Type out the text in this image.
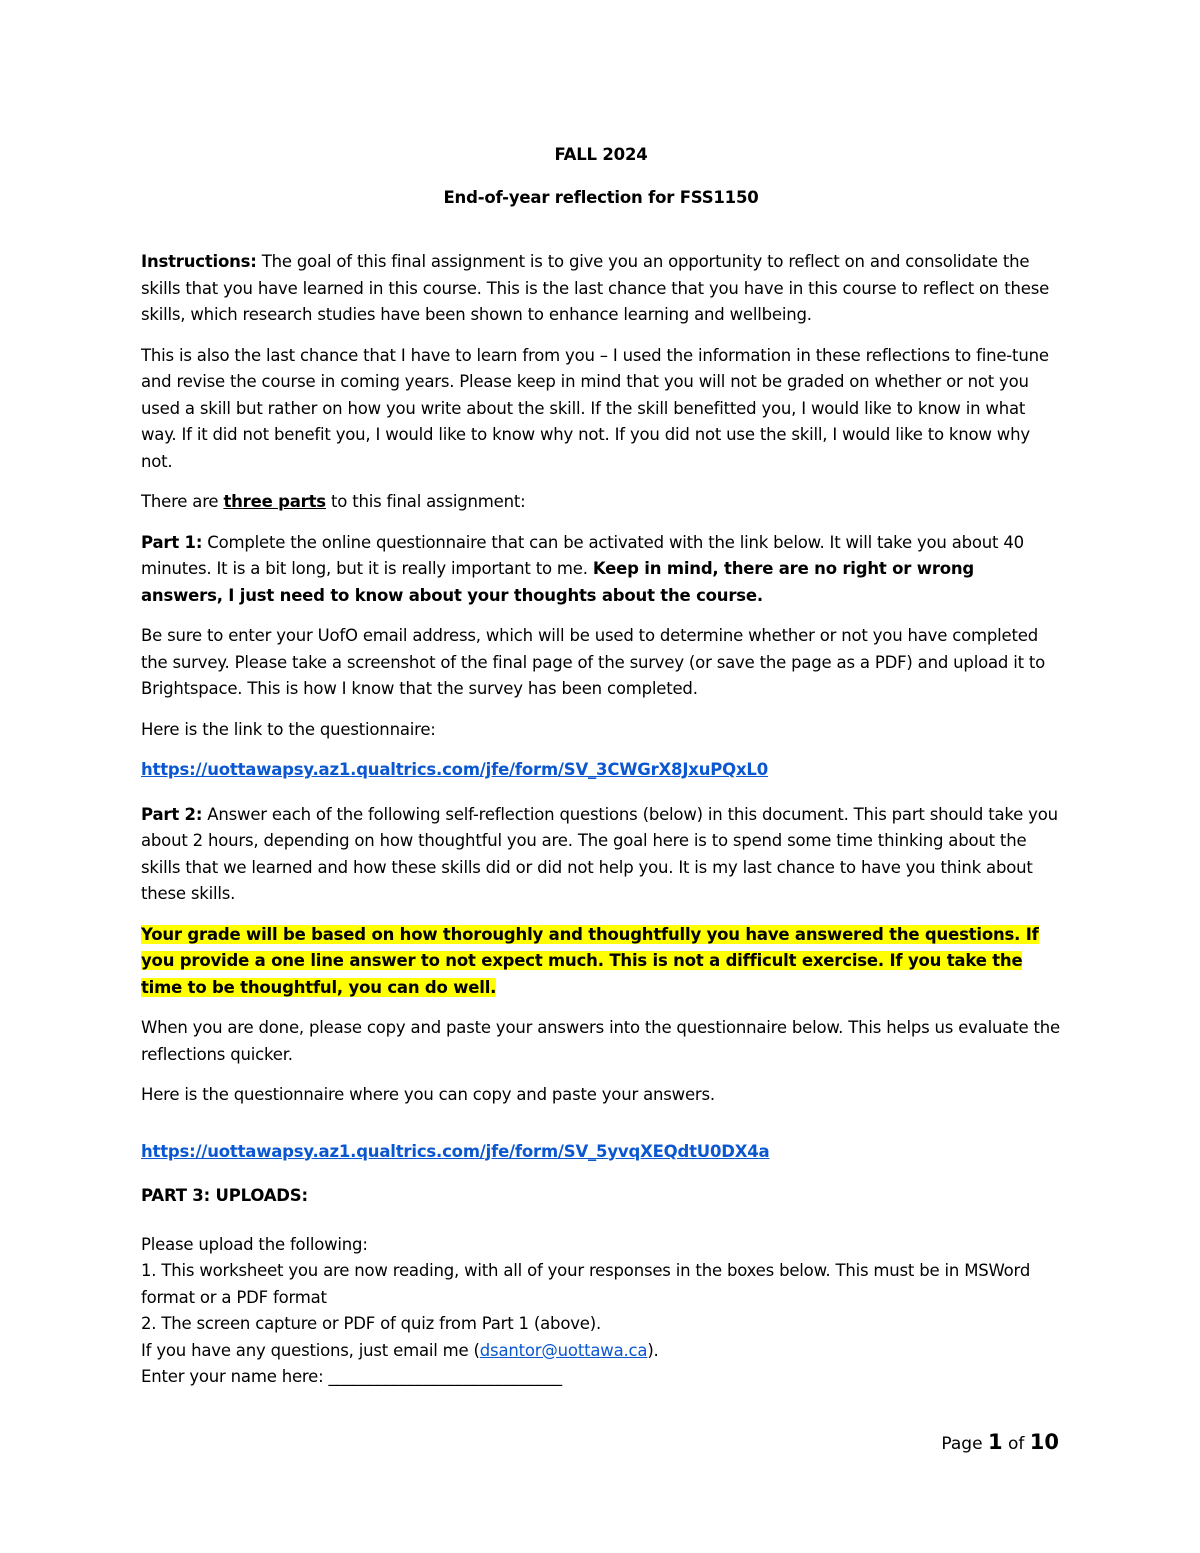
FALL 2024

End-of-year reflection for FSS1150

Instructions: The goal of this final assignment is to give you an opportunity to reflect on and consolidate the skills that you have learned in this course. This is the last chance that you have in this course to reflect on these skills, which research studies have been shown to enhance learning and wellbeing.

This is also the last chance that I have to learn from you – I used the information in these reflections to fine-tune and revise the course in coming years. Please keep in mind that you will not be graded on whether or not you used a skill but rather on how you write about the skill. If the skill benefitted you, I would like to know in what way. If it did not benefit you, I would like to know why not. If you did not use the skill, I would like to know why not.

There are three parts to this final assignment:

Part 1: Complete the online questionnaire that can be activated with the link below. It will take you about 40 minutes. It is a bit long, but it is really important to me. Keep in mind, there are no right or wrong answers, I just need to know about your thoughts about the course.

Be sure to enter your UofO email address, which will be used to determine whether or not you have completed the survey. Please take a screenshot of the final page of the survey (or save the page as a PDF) and upload it to Brightspace. This is how I know that the survey has been completed.

Here is the link to the questionnaire:

https://uottawapsy.az1.qualtrics.com/jfe/form/SV_3CWGrX8JxuPQxL0

Part 2: Answer each of the following self-reflection questions (below) in this document. This part should take you about 2 hours, depending on how thoughtful you are. The goal here is to spend some time thinking about the skills that we learned and how these skills did or did not help you. It is my last chance to have you think about these skills.

Your grade will be based on how thoroughly and thoughtfully you have answered the questions. If you provide a one line answer to not expect much. This is not a difficult exercise. If you take the time to be thoughtful, you can do well.

When you are done, please copy and paste your answers into the questionnaire below. This helps us evaluate the reflections quicker.

Here is the questionnaire where you can copy and paste your answers.

https://uottawapsy.az1.qualtrics.com/jfe/form/SV_5yvqXEQdtU0DX4a

PART 3: UPLOADS:

Please upload the following:

1. This worksheet you are now reading, with all of your responses in the boxes below. This must be in MSWord format or a PDF format

2. The screen capture or PDF of quiz from Part 1 (above).

If you have any questions, just email me (dsantor@uottawa.ca).

Enter your name here: _____________________________

Page 1 of 10
